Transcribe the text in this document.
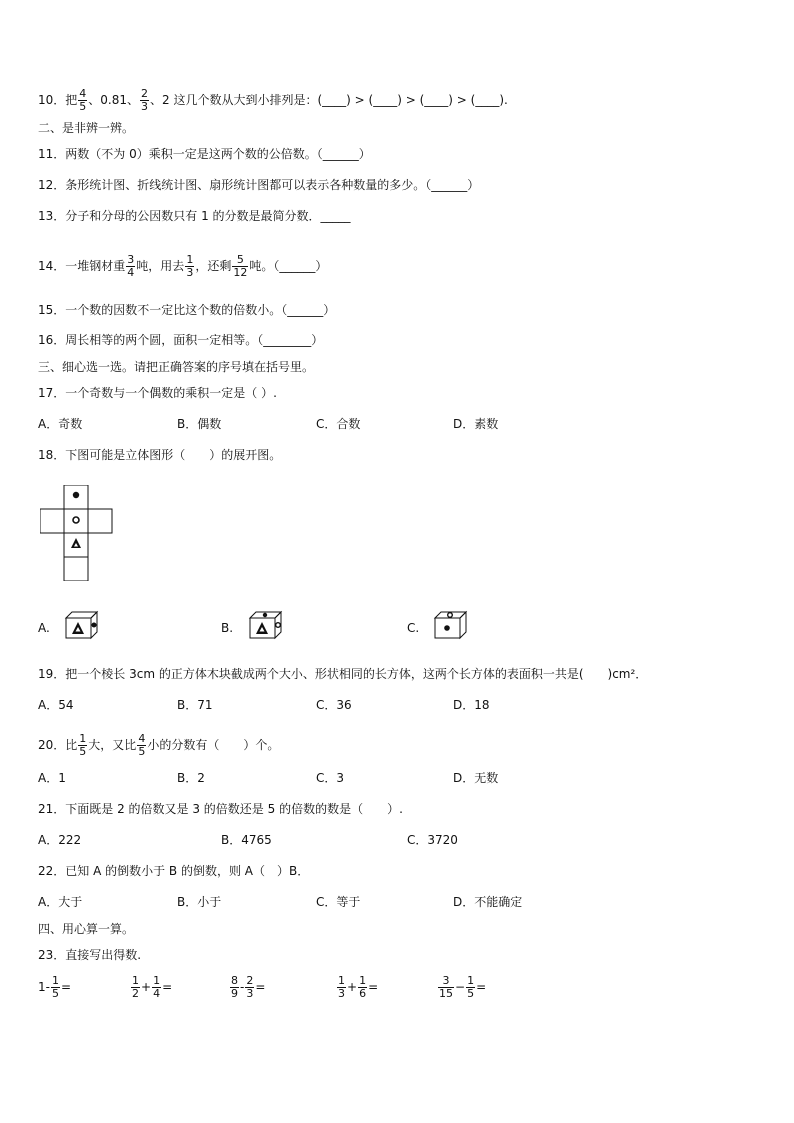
10．把 $\frac{4}{5}$ 、0.81、 $\frac{2}{3}$ 、2 这几个数从大到小排列是：(____) > (____) > (____) > (____).
二、是非辨一辨。
11．两数（不为 0）乘积一定是这两个数的公倍数。（______）
12．条形统计图、折线统计图、扇形统计图都可以表示各种数量的多少。（______）
13．分子和分母的公因数只有 1 的分数是最简分数．_____
14．一堆钢材重 $\frac{3}{4}$ 吨，用去 $\frac{1}{3}$ ，还剩 $\frac{5}{12}$ 吨。（______）
15．一个数的因数不一定比这个数的倍数小。（______）
16．周长相等的两个圆，面积一定相等。（________）
三、细心选一选。请把正确答案的序号填在括号里。
17．一个奇数与一个偶数的乘积一定是（ ）.
A．奇数	B．偶数	C．合数	D．素数
18．下图可能是立体图形（　　）的展开图。
A.	B.	C.
19．把一个棱长 3cm 的正方体木块截成两个大小、形状相同的长方体，这两个长方体的表面积一共是(　　)cm²．
A．54	B．71	C．36	D．18
20．比 $\frac{1}{5}$ 大，又比 $\frac{4}{5}$ 小的分数有（　　）个。
A．1	B．2	C．3	D．无数
21．下面既是 2 的倍数又是 3 的倍数还是 5 的倍数的数是（　　）.
A．222	B．4765	C．3720
22．已知 A 的倒数小于 B 的倒数，则 A（　）B．
A．大于	B．小于	C．等于	D．不能确定
四、用心算一算。
23．直接写出得数.
$1- \frac{1}{5}$ =	$\frac{1}{2} + \frac{1}{4}$ =	$\frac{8}{9} - \frac{2}{3}$ =	$\frac{1}{3} + \frac{1}{6}$ =	$\frac{3}{15} - \frac{1}{5}$ =
